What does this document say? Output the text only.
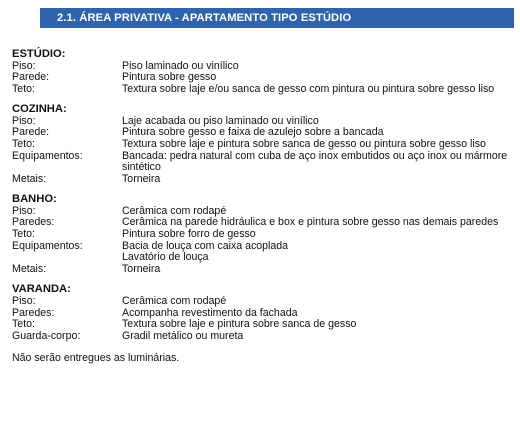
2.1. ÁREA PRIVATIVA - APARTAMENTO TIPO ESTÚDIO
ESTÚDIO:
Piso:	Piso laminado ou vinílico
Parede:	Pintura sobre gesso
Teto:	Textura sobre laje e/ou sanca de gesso com pintura ou pintura sobre gesso liso
COZINHA:
Piso:	Laje acabada ou piso laminado ou vinílico
Parede:	Pintura sobre gesso e faixa de azulejo sobre a bancada
Teto:	Textura sobre laje e pintura sobre sanca de gesso ou pintura sobre gesso liso
Equipamentos:	Bancada: pedra natural com cuba de aço inox embutidos ou aço inox ou mármore sintético
Metais:	Torneira
BANHO:
Piso:	Cerâmica com rodapé
Paredes:	Cerâmica na parede hidráulica e box e pintura sobre gesso nas demais paredes
Teto:	Pintura sobre forro de gesso
Equipamentos:	Bacia de louça com caixa acoplada
Lavatório de louça
Metais:	Torneira
VARANDA:
Piso:	Cerâmica com rodapé
Paredes:	Acompanha revestimento da fachada
Teto:	Textura sobre laje e pintura sobre sanca de gesso
Guarda-corpo:	Gradil metálico ou mureta
Não serão entregues as luminárias.
